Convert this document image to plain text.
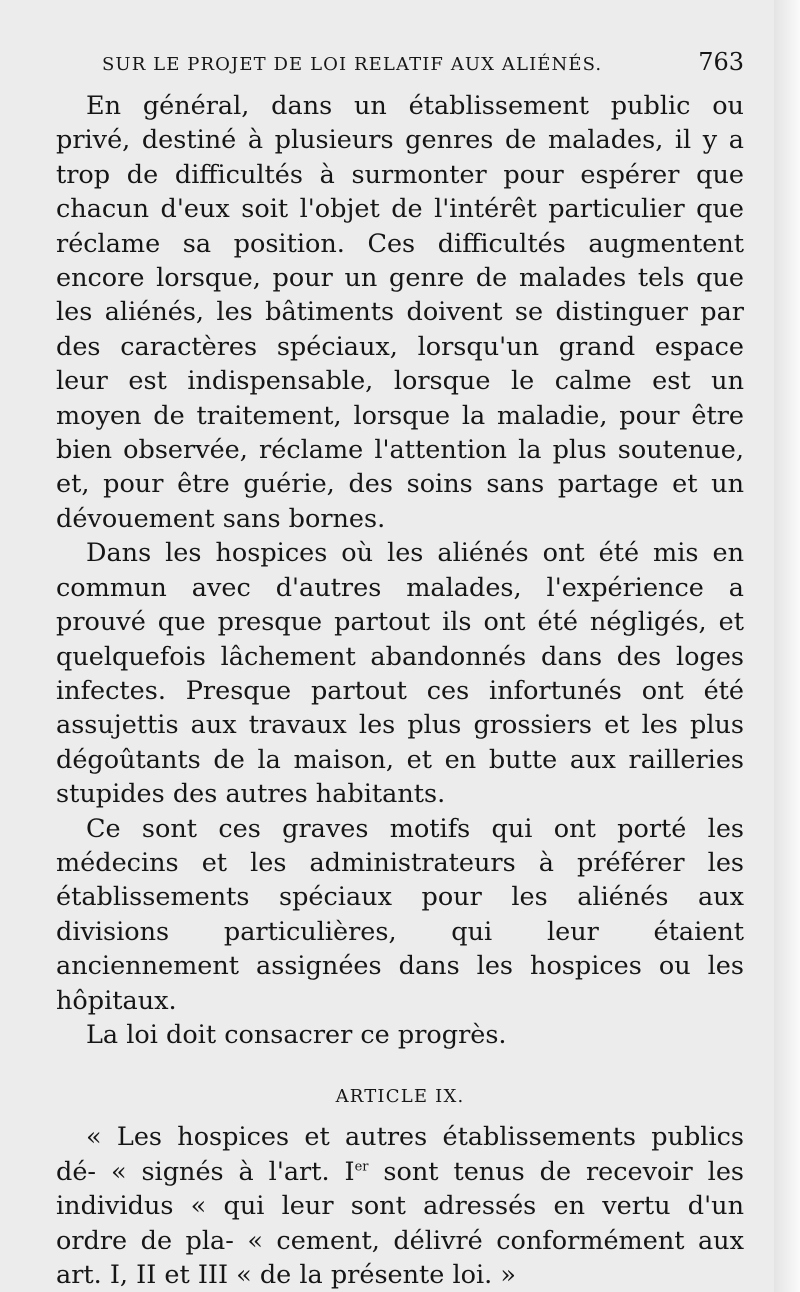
SUR LE PROJET DE LOI RELATIF AUX ALIÉNÉS.	763

En général, dans un établissement public ou privé, destiné à plusieurs genres de malades, il y a trop de difficultés à surmonter pour espérer que chacun d'eux soit l'objet de l'intérêt particulier que réclame sa position. Ces difficultés augmentent encore lorsque, pour un genre de malades tels que les aliénés, les bâtiments doivent se distinguer par des caractères spéciaux, lorsqu'un grand espace leur est indispensable, lorsque le calme est un moyen de traitement, lorsque la maladie, pour être bien observée, réclame l'attention la plus soutenue, et, pour être guérie, des soins sans partage et un dévouement sans bornes.

Dans les hospices où les aliénés ont été mis en commun avec d'autres malades, l'expérience a prouvé que presque partout ils ont été négligés, et quelquefois lâchement abandonnés dans des loges infectes. Presque partout ces infortunés ont été assujettis aux travaux les plus grossiers et les plus dégoûtants de la maison, et en butte aux railleries stupides des autres habitants.

Ce sont ces graves motifs qui ont porté les médecins et les administrateurs à préférer les établissements spéciaux pour les aliénés aux divisions particulières, qui leur étaient anciennement assignées dans les hospices ou les hôpitaux.

La loi doit consacrer ce progrès.

ARTICLE IX.

« Les hospices et autres établissements publics dé- « signés à l'art. Ier sont tenus de recevoir les individus « qui leur sont adressés en vertu d'un ordre de pla- « cement, délivré conformément aux art. I, II et III « de la présente loi. »
